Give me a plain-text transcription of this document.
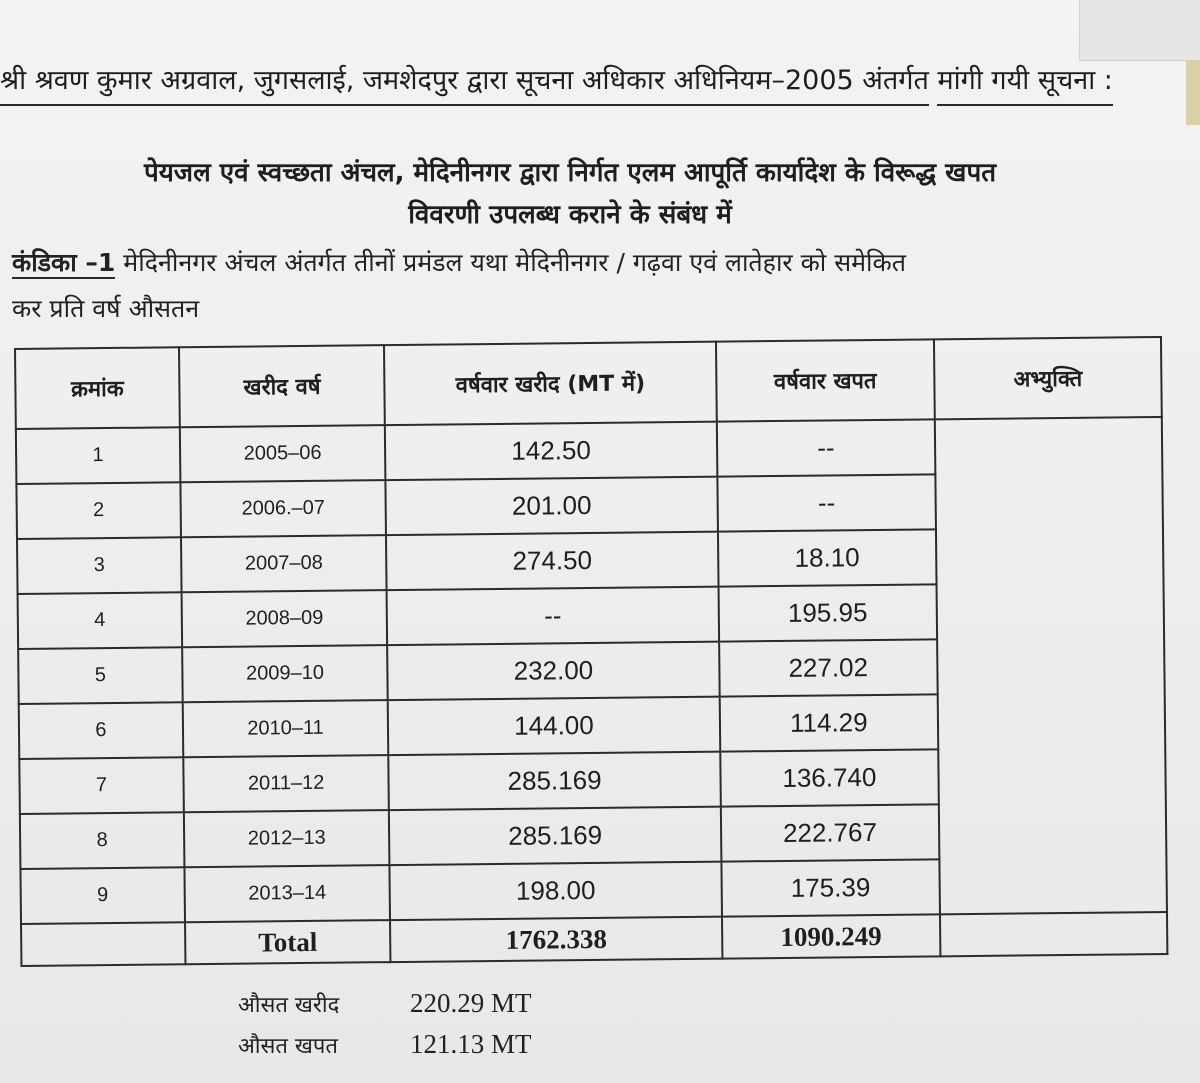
श्री श्रवण कुमार अग्रवाल, जुगसलाई, जमशेदपुर द्वारा सूचना अधिकार अधिनियम–2005 अंतर्गत मांगी गयी सूचना :
पेयजल एवं स्वच्छता अंचल, मेदिनीनगर द्वारा निर्गत एलम आपूर्ति कार्यादेश के विरूद्ध खपत
विवरणी उपलब्ध कराने के संबंध में
कंडिका –1 मेदिनीनगर अंचल अंतर्गत तीनों प्रमंडल यथा मेदिनीनगर / गढ़वा एवं लातेहार को समेकित
कर प्रति वर्ष औसतन
क्रमांक	खरीद वर्ष	वर्षवार खरीद (MT में)	वर्षवार खपत	अभ्युक्ति
1	2005–06	142.50	--	
2	2006.–07	201.00	--	
3	2007–08	274.50	18.10	
4	2008–09	--	195.95	
5	2009–10	232.00	227.02	
6	2010–11	144.00	114.29	
7	2011–12	285.169	136.740	
8	2012–13	285.169	222.767	
9	2013–14	198.00	175.39	
	Total	1762.338	1090.249	
औसत खरीद	220.29 MT
औसत खपत	121.13 MT
